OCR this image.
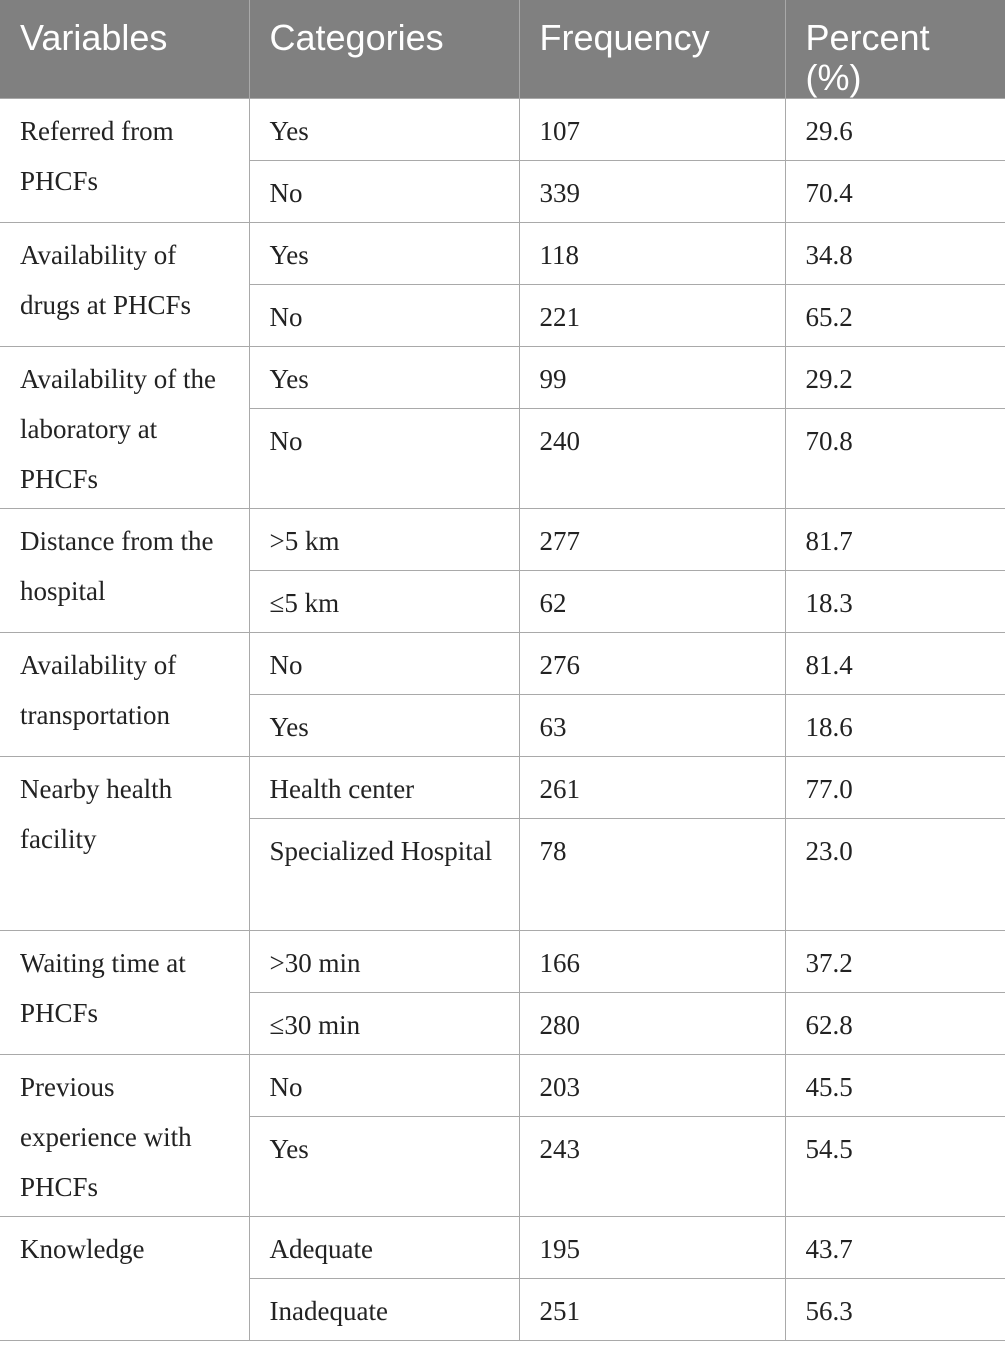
Variables	Categories	Frequency	Percent (%)
Referred from PHCFs	Yes	107	29.6
	No	339	70.4
Availability of drugs at PHCFs	Yes	118	34.8
	No	221	65.2
Availability of the laboratory at PHCFs	Yes	99	29.2
	No	240	70.8
Distance from the hospital	>5 km	277	81.7
	≤5 km	62	18.3
Availability of transportation	No	276	81.4
	Yes	63	18.6
Nearby health facility	Health center	261	77.0
	Specialized Hospital	78	23.0
Waiting time at PHCFs	>30 min	166	37.2
	≤30 min	280	62.8
Previous experience with PHCFs	No	203	45.5
	Yes	243	54.5
Knowledge	Adequate	195	43.7
	Inadequate	251	56.3
